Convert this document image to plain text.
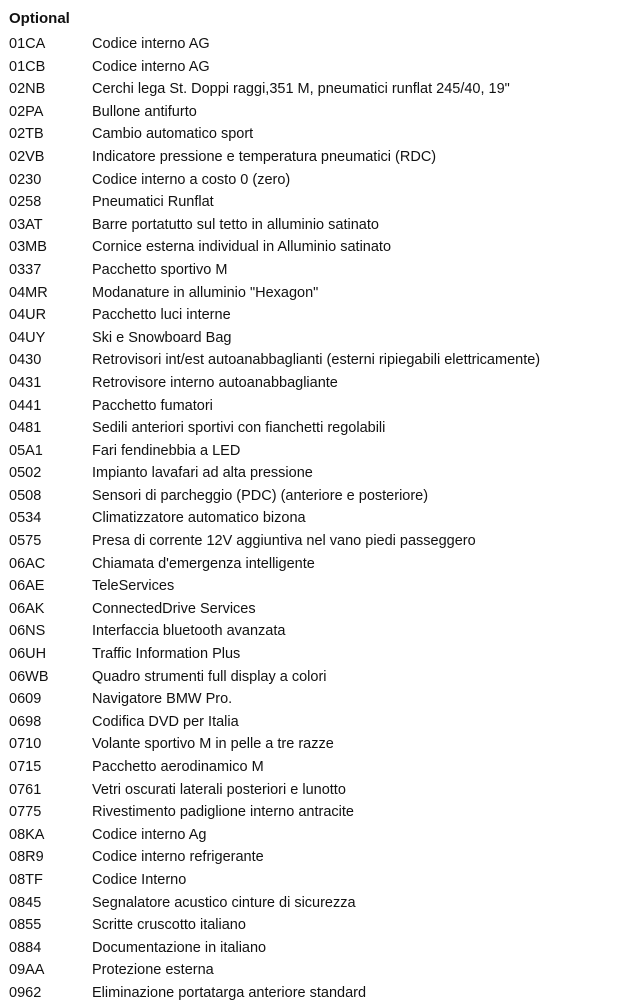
Optional
01CA	Codice interno AG
01CB	Codice interno AG
02NB	Cerchi lega St. Doppi raggi,351 M, pneumatici runflat 245/40, 19"
02PA	Bullone antifurto
02TB	Cambio automatico sport
02VB	Indicatore pressione e temperatura pneumatici (RDC)
0230	Codice interno a costo 0 (zero)
0258	Pneumatici Runflat
03AT	Barre portatutto sul tetto in alluminio satinato
03MB	Cornice esterna individual in Alluminio satinato
0337	Pacchetto sportivo M
04MR	Modanature in alluminio "Hexagon"
04UR	Pacchetto luci interne
04UY	Ski e Snowboard Bag
0430	Retrovisori int/est autoanabbaglianti (esterni ripiegabili elettricamente)
0431	Retrovisore interno autoanabbagliante
0441	Pacchetto fumatori
0481	Sedili anteriori sportivi con fianchetti regolabili
05A1	Fari fendinebbia a LED
0502	Impianto lavafari ad alta pressione
0508	Sensori di parcheggio (PDC) (anteriore e posteriore)
0534	Climatizzatore automatico bizona
0575	Presa di corrente 12V aggiuntiva nel vano piedi passeggero
06AC	Chiamata d'emergenza intelligente
06AE	TeleServices
06AK	ConnectedDrive Services
06NS	Interfaccia bluetooth avanzata
06UH	Traffic Information Plus
06WB	Quadro strumenti full display a colori
0609	Navigatore BMW Pro.
0698	Codifica DVD per Italia
0710	Volante sportivo M in pelle a tre razze
0715	Pacchetto aerodinamico M
0761	Vetri oscurati laterali posteriori e lunotto
0775	Rivestimento padiglione interno antracite
08KA	Codice interno Ag
08R9	Codice interno refrigerante
08TF	Codice Interno
0845	Segnalatore acustico cinture di sicurezza
0855	Scritte cruscotto italiano
0884	Documentazione in italiano
09AA	Protezione esterna
0962	Eliminazione portatarga anteriore standard
